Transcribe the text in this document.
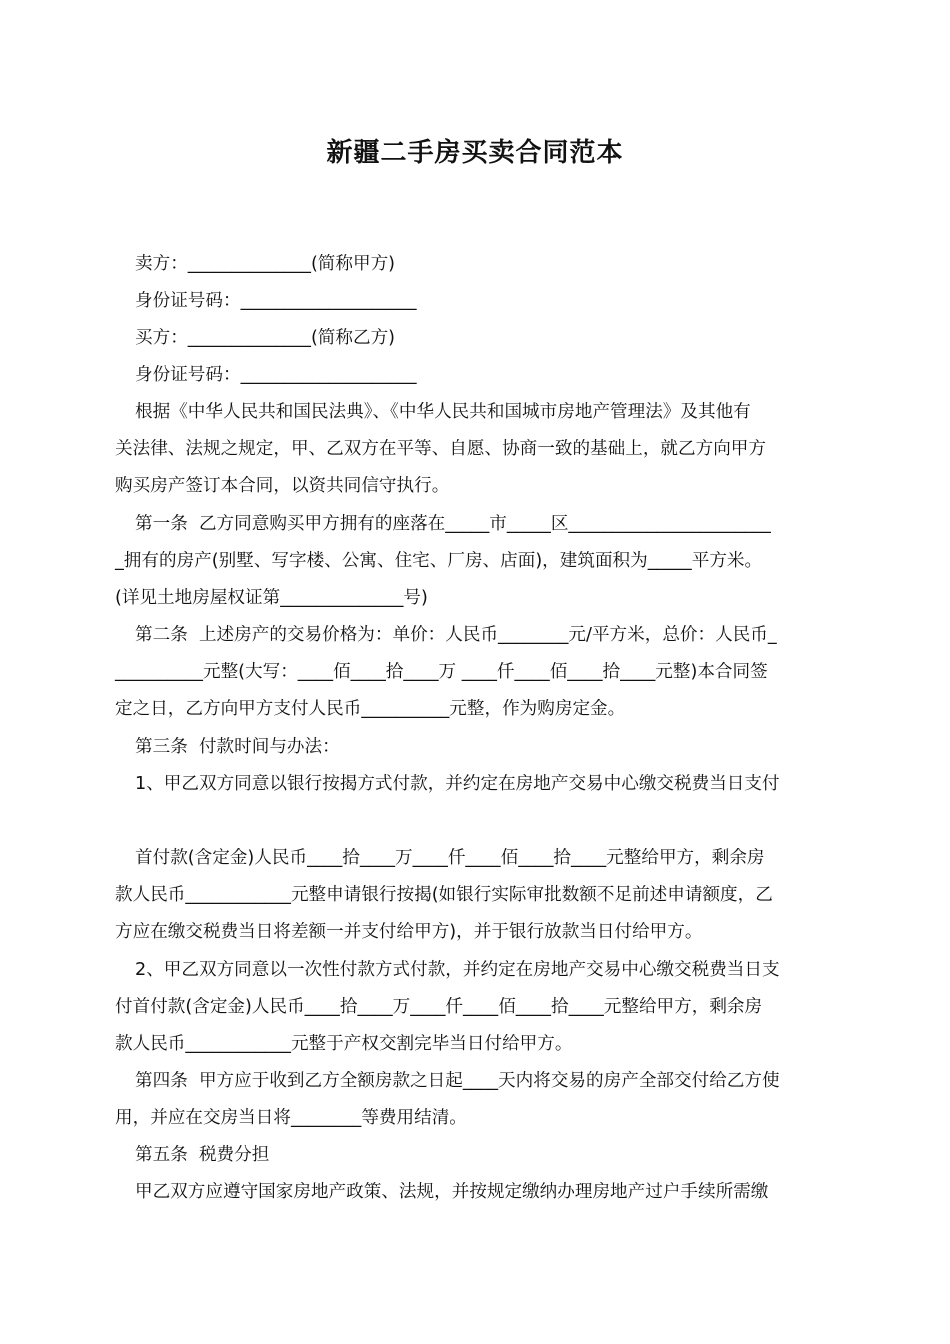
新疆二手房买卖合同范本
卖方：______________(简称甲方)
身份证号码：____________________
买方：______________(简称乙方)
身份证号码：____________________
根据《中华人民共和国民法典》、《中华人民共和国城市房地产管理法》及其他有
关法律、法规之规定，甲、乙双方在平等、自愿、协商一致的基础上，就乙方向甲方
购买房产签订本合同，以资共同信守执行。
第一条  乙方同意购买甲方拥有的座落在_____市_____区_______________________
_拥有的房产(别墅、写字楼、公寓、住宅、厂房、店面)，建筑面积为_____平方米。
(详见土地房屋权证第______________号)
第二条  上述房产的交易价格为：单价：人民币________元/平方米，总价：人民币_
__________元整(大写：____佰____拾____万 ____仟____佰____拾____元整)本合同签
定之日，乙方向甲方支付人民币__________元整，作为购房定金。
第三条  付款时间与办法：
1、甲乙双方同意以银行按揭方式付款，并约定在房地产交易中心缴交税费当日支付
首付款(含定金)人民币____拾____万____仟____佰____拾____元整给甲方，剩余房
款人民币____________元整申请银行按揭(如银行实际审批数额不足前述申请额度，乙
方应在缴交税费当日将差额一并支付给甲方)，并于银行放款当日付给甲方。
2、甲乙双方同意以一次性付款方式付款，并约定在房地产交易中心缴交税费当日支
付首付款(含定金)人民币____拾____万____仟____佰____拾____元整给甲方，剩余房
款人民币____________元整于产权交割完毕当日付给甲方。
第四条  甲方应于收到乙方全额房款之日起____天内将交易的房产全部交付给乙方使
用，并应在交房当日将________等费用结清。
第五条  税费分担
甲乙双方应遵守国家房地产政策、法规，并按规定缴纳办理房地产过户手续所需缴
